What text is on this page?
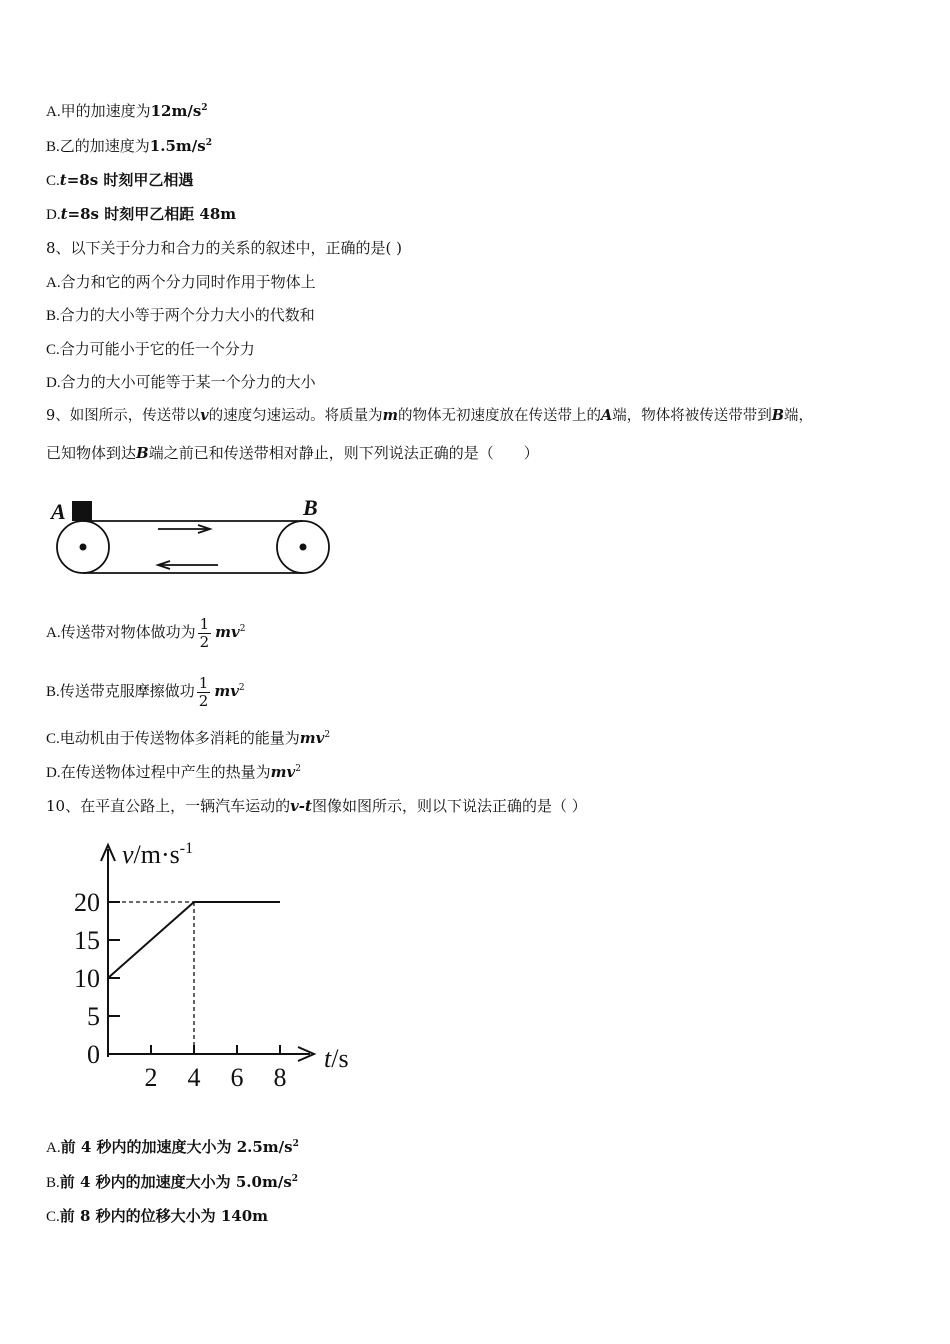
A.甲的加速度为$12m/s^2$
B.乙的加速度为$1.5m/s^2$
C.t=8s 时刻甲乙相遇
D.t=8s 时刻甲乙相距 48m
8、以下关于分力和合力的关系的叙述中，正确的是( )
A.合力和它的两个分力同时作用于物体上
B.合力的大小等于两个分力大小的代数和
C.合力可能小于它的任一个分力
D.合力的大小可能等于某一个分力的大小
9、如图所示，传送带以v的速度匀速运动。将质量为m的物体无初速度放在传送带上的A端，物体将被传送带带到B端，
已知物体到达B端之前已和传送带相对静止，则下列说法正确的是（　　）
A	B
A.传送带对物体做功为 $\frac{1}{2} mv^2$
B.传送带克服摩擦做功 $\frac{1}{2} mv^2$
C.电动机由于传送物体多消耗的能量为$mv^2$
D.在传送物体过程中产生的热量为$mv^2$
10、在平直公路上，一辆汽车运动的v-t图像如图所示，则以下说法正确的是（ ）
0
5
10
15
20
2 4 6 8
$v/m\cdot s^{-1}$
t/s
A.前 4 秒内的加速度大小为 $2.5m/s^2$
B.前 4 秒内的加速度大小为 $5.0m/s^2$
C.前 8 秒内的位移大小为 140m
